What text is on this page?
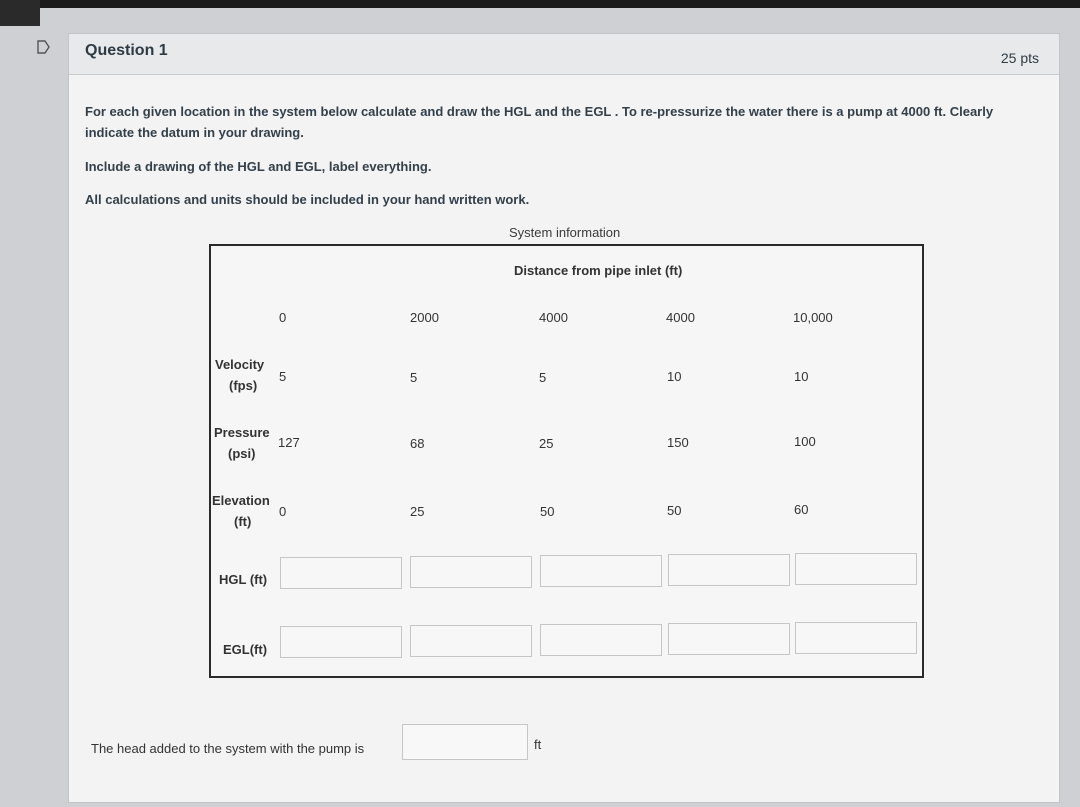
Question 1	25 pts
For each given location in the system below calculate and draw the HGL and the EGL . To re-pressurize the water there is a pump at 4000 ft. Clearly indicate the datum in your drawing.
Include a drawing of the HGL and EGL, label everything.
All calculations and units should be included in your hand written work.
System information
Distance from pipe inlet (ft)
0	2000	4000	4000	10,000
Velocity
(fps)
5	5	5	10	10
Pressure
(psi)
127	68	25	150	100
Elevation
(ft)
0	25	50	50	60
HGL (ft)
EGL(ft)
The head added to the system with the pump is	ft
